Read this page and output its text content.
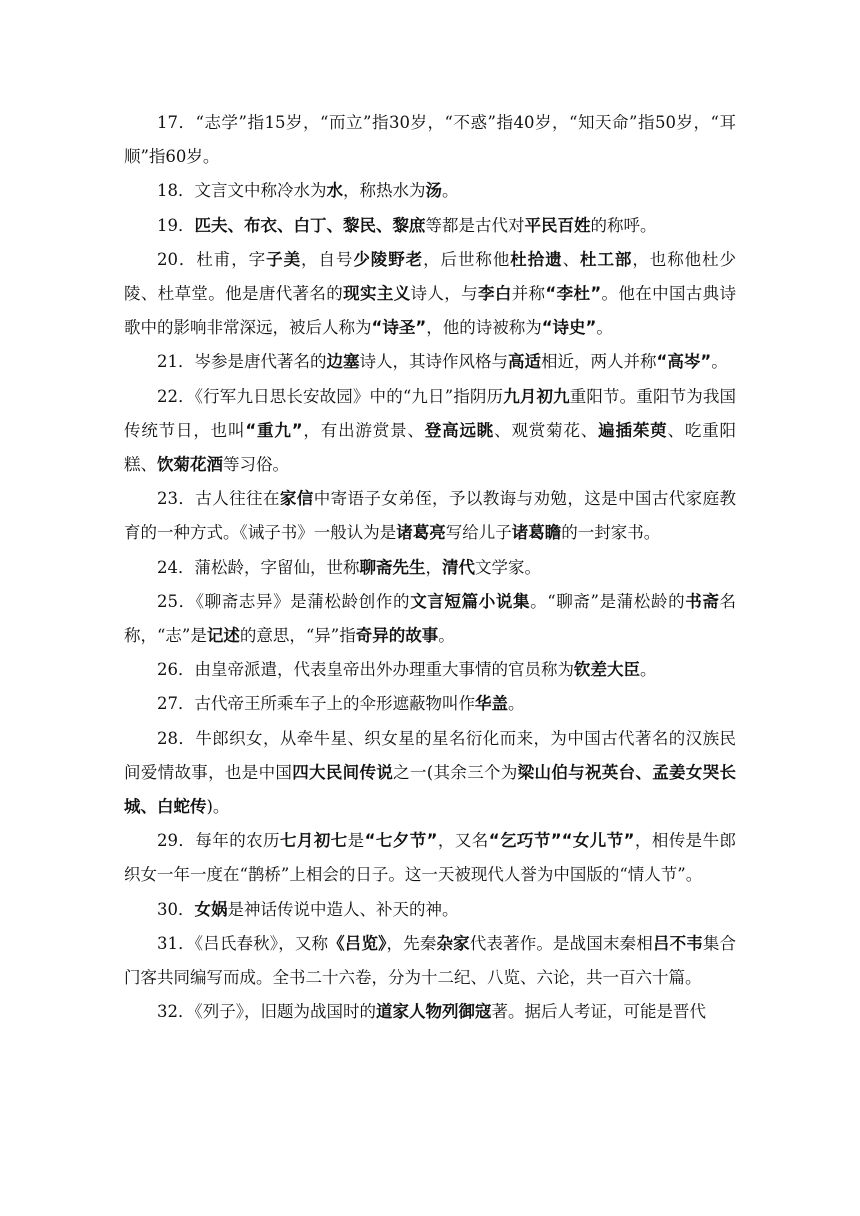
17．“志学”指15岁，“而立”指30岁，“不惑”指40岁，“知天命”指50岁，“耳顺”指60岁。

18．文言文中称冷水为水，称热水为汤。

19．匹夫、布衣、白丁、黎民、黎庶等都是古代对平民百姓的称呼。

20．杜甫，字子美，自号少陵野老，后世称他杜拾遗、杜工部，也称他杜少陵、杜草堂。他是唐代著名的现实主义诗人，与李白并称“李杜”。他在中国古典诗歌中的影响非常深远，被后人称为“诗圣”，他的诗被称为“诗史”。

21．岑参是唐代著名的边塞诗人，其诗作风格与高适相近，两人并称“高岑”。

22．《行军九日思长安故园》中的“九日”指阴历九月初九重阳节。重阳节为我国传统节日，也叫“重九”，有出游赏景、登高远眺、观赏菊花、遍插茱萸、吃重阳糕、饮菊花酒等习俗。

23．古人往往在家信中寄语子女弟侄，予以教诲与劝勉，这是中国古代家庭教育的一种方式。《诫子书》一般认为是诸葛亮写给儿子诸葛瞻的一封家书。

24．蒲松龄，字留仙，世称聊斋先生，清代文学家。

25．《聊斋志异》是蒲松龄创作的文言短篇小说集。“聊斋”是蒲松龄的书斋名称，“志”是记述的意思，“异”指奇异的故事。

26．由皇帝派遣，代表皇帝出外办理重大事情的官员称为钦差大臣。

27．古代帝王所乘车子上的伞形遮蔽物叫作华盖。

28．牛郎织女，从牵牛星、织女星的星名衍化而来，为中国古代著名的汉族民间爱情故事，也是中国四大民间传说之一(其余三个为梁山伯与祝英台、孟姜女哭长城、白蛇传)。

29．每年的农历七月初七是“七夕节”，又名“乞巧节”“女儿节”，相传是牛郎织女一年一度在“鹊桥”上相会的日子。这一天被现代人誉为中国版的“情人节”。

30．女娲是神话传说中造人、补天的神。

31．《吕氏春秋》，又称《吕览》，先秦杂家代表著作。是战国末秦相吕不韦集合门客共同编写而成。全书二十六卷，分为十二纪、八览、六论，共一百六十篇。

32．《列子》，旧题为战国时的道家人物列御寇著。据后人考证，可能是晋代
